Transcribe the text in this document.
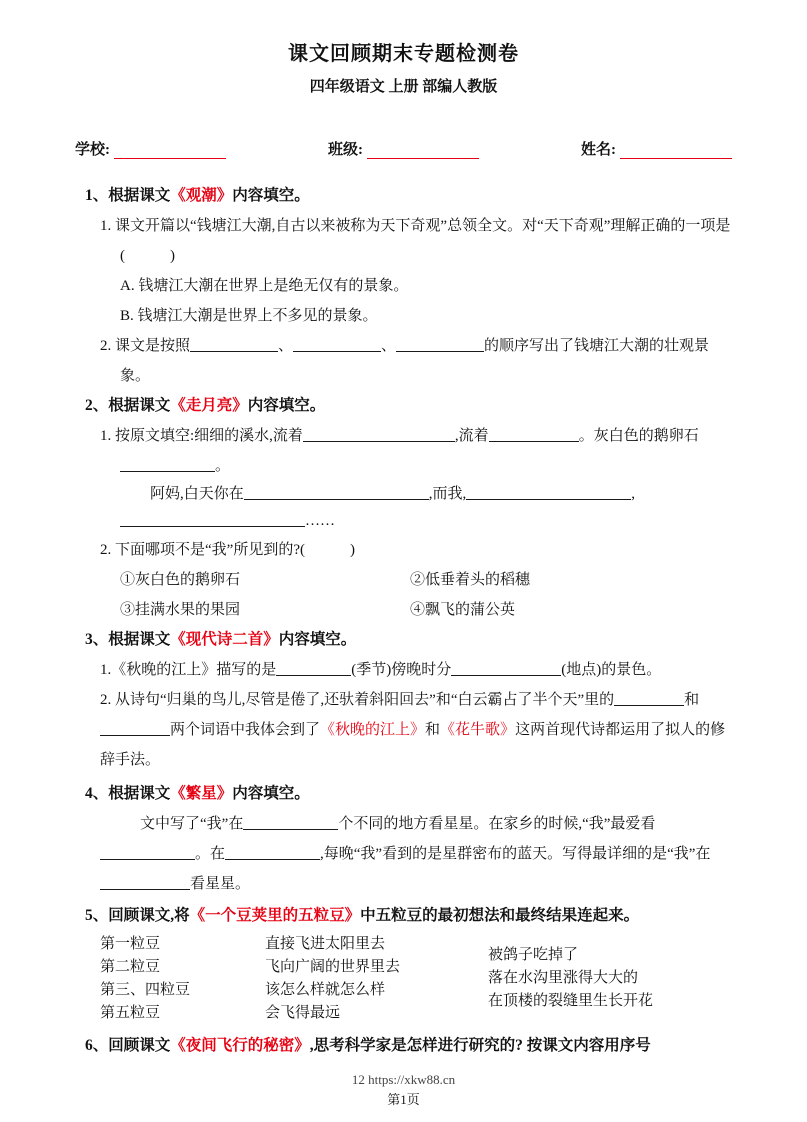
课文回顾期末专题检测卷
四年级语文 上册 部编人教版
学校:	班级:	姓名:

1、根据课文《观潮》内容填空。

1. 课文开篇以“钱塘江大潮,自古以来被称为天下奇观”总领全文。对“天下奇观”理解正确的一项是(　　　)

A. 钱塘江大潮在世界上是绝无仅有的景象。

B. 钱塘江大潮是世界上不多见的景象。

2. 课文是按照	、	、	的顺序写出了钱塘江大潮的壮观景象。

2、根据课文《走月亮》内容填空。

1. 按原文填空:细细的溪水,流着	,流着	。灰白色的鹅卵石。

阿妈,白天你在	,而我,	,

……

2. 下面哪项不是“我”所见到的?(　　　)

①灰白色的鹅卵石	②低垂着头的稻穗
③挂满水果的果园	④飘飞的蒲公英

3、根据课文《现代诗二首》内容填空。

1.《秋晚的江上》描写的是	(季节)傍晚时分	(地点)的景色。

2. 从诗句“归巢的鸟儿,尽管是倦了,还驮着斜阳回去”和“白云霸占了半个天”里的	和两个词语中我体会到了《秋晚的江上》和《花牛歌》这两首现代诗都运用了拟人的修辞手法。

4、根据课文《繁星》内容填空。

文中写了“我”在	个不同的地方看星星。在家乡的时候,“我”最爱看。在	,每晚“我”看到的是星群密布的蓝天。写得最详细的是“我”在看星星。

5、回顾课文,将《一个豆荚里的五粒豆》中五粒豆的最初想法和最终结果连起来。

第一粒豆
第二粒豆
第三、四粒豆
第五粒豆
直接飞进太阳里去
飞向广阔的世界里去
该怎么样就怎么样
会飞得最远
被鸽子吃掉了
落在水沟里涨得大大的
在顶楼的裂缝里生长开花

6、回顾课文《夜间飞行的秘密》,思考科学家是怎样进行研究的? 按课文内容用序号

12 https://xkw88.cn
第1页
